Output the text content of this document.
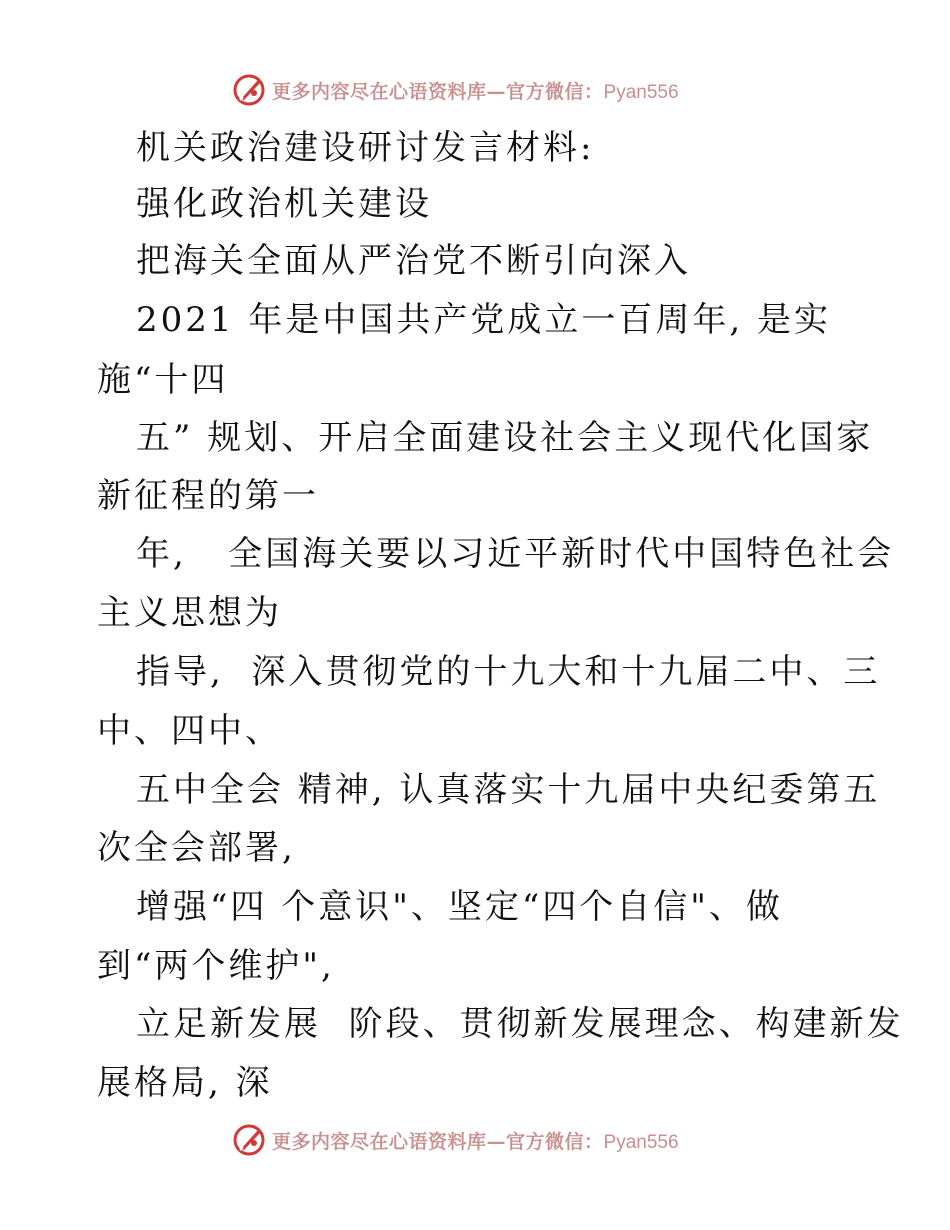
更多内容尽在心语资料库—官方微信：Pyan556
机关政治建设研讨发言材料:
强化政治机关建设
把海关全面从严治党不断引向深入
2021 年是中国共产党成立一百周年, 是实
施“十四
五” 规划、开启全面建设社会主义现代化国家
新征程的第一
年,   全国海关要以习近平新时代中国特色社会
主义思想为
指导,  深入贯彻党的十九大和十九届二中、三
中、四中、
五中全会 精神, 认真落实十九届中央纪委第五
次全会部署,
增强“四 个意识"、坚定“四个自信"、做
到“两个维护",
立足新发展  阶段、贯彻新发展理念、构建新发
展格局, 深
更多内容尽在心语资料库—官方微信：Pyan556
